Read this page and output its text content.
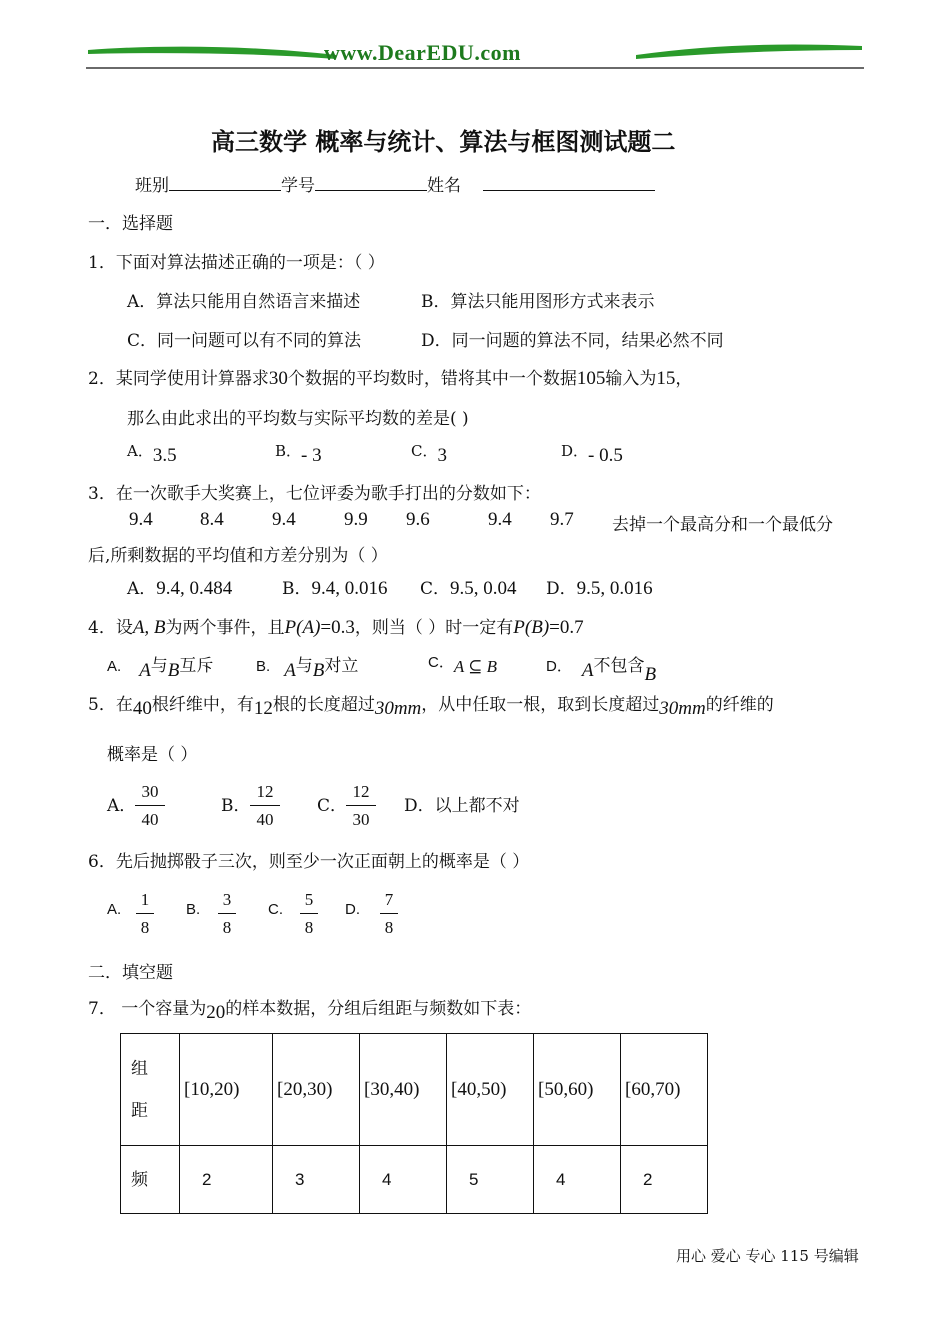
www.DearEDU.com
高三数学 概率与统计、算法与框图测试题二
班别	学号	姓名
一．选择题
1．下面对算法描述正确的一项是：（ ）
A．算法只能用自然语言来描述	B．算法只能用图形方式来表示
C．同一问题可以有不同的算法	D．同一问题的算法不同，结果必然不同
2．某同学使用计算器求30个数据的平均数时，错将其中一个数据105输入为15，
那么由此求出的平均数与实际平均数的差是( )
A．3.5	B．- 3	C．3	D．- 0.5
3．在一次歌手大奖赛上，七位评委为歌手打出的分数如下：
9.4 8.4	9.4	9.9 9.6	9.4 9.7 去掉一个最高分和一个最低分
后,所剩数据的平均值和方差分别为（ ）
A．9.4, 0.484	B．9.4, 0.016 C．9.5, 0.04 D．9.5, 0.016
4．设A, B为两个事件，且P(A)=0.3，则当（ ）时一定有P(B)=0.7
A. A与B互斥	B. A与B对立	C．A ⊆ B	D． A不包含B
5．在40根纤维中，有12根的长度超过30mm，从中任取一根，取到长度超过30mm的纤维的
概率是（ ）
A．
$\frac{30}{40}$	B． $\frac{12}{40}$ C．
$\frac{12}{30}$ D．以上都不对
6．先后抛掷骰子三次，则至少一次正面朝上的概率是（ ）
A. $\frac{1}{8} B$. $\frac{3}{8} C$. $\frac{5}{8} D$. $\frac{7}{8}$
二．填空题
7． 一个容量为20的样本数据，分组后组距与频数如下表：
组
距	[10,20)	[20,30)	[30,40)	[40,50)	[50,60)	[60,70)
频	2	3	4	5	4	2
用心 爱心 专心 115 号编辑
